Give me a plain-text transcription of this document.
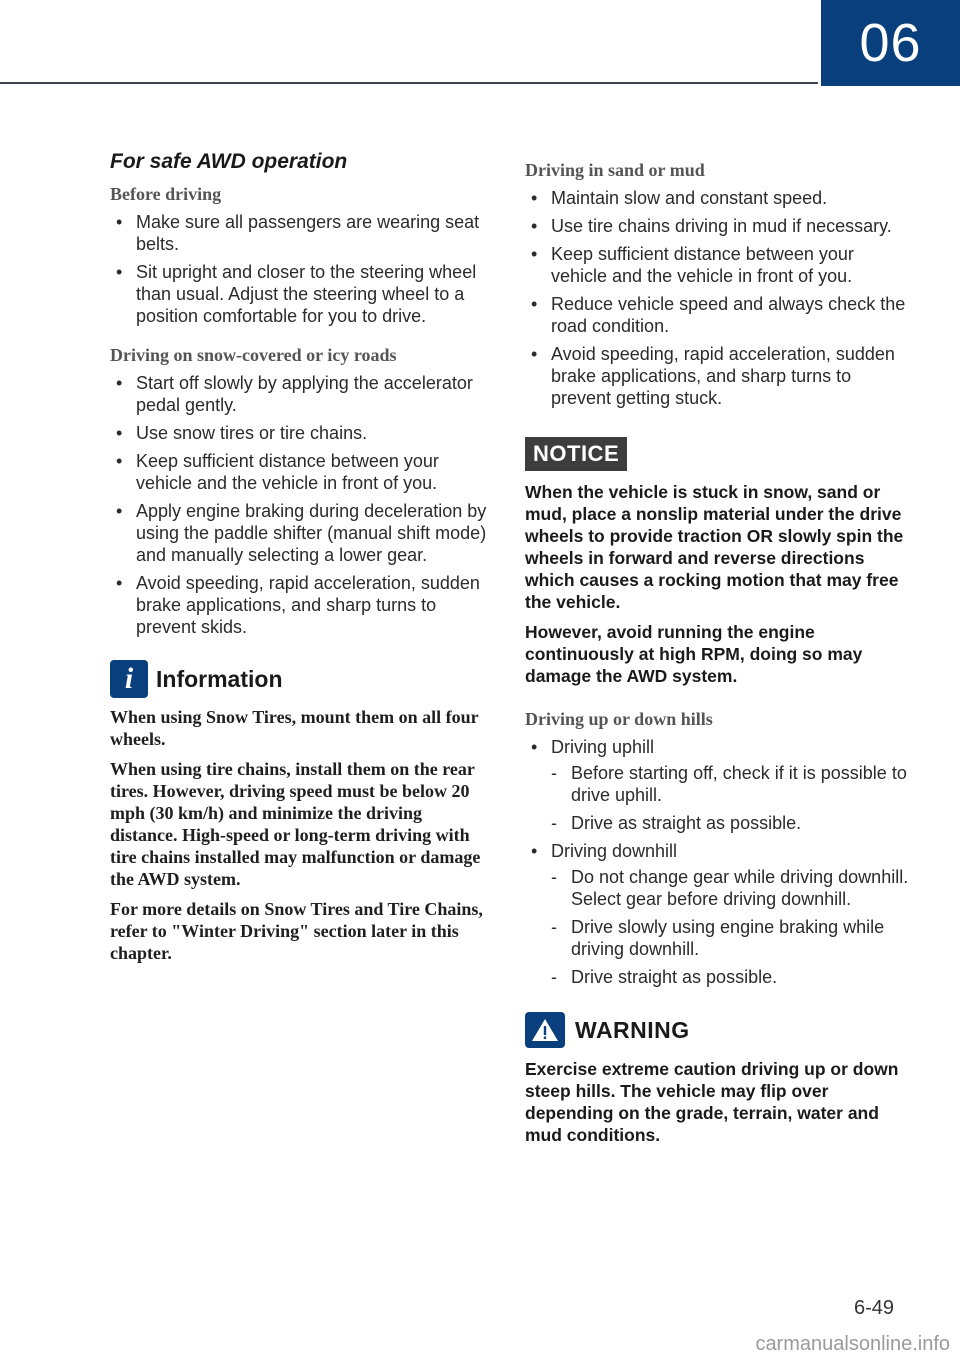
06
For safe AWD operation
Before driving
• Make sure all passengers are wearing seat belts.
• Sit upright and closer to the steering wheel than usual. Adjust the steering wheel to a position comfortable for you to drive.
Driving on snow-covered or icy roads
• Start off slowly by applying the accelerator pedal gently.
• Use snow tires or tire chains.
• Keep sufficient distance between your vehicle and the vehicle in front of you.
• Apply engine braking during deceleration by using the paddle shifter (manual shift mode) and manually selecting a lower gear.
• Avoid speeding, rapid acceleration, sudden brake applications, and sharp turns to prevent skids.
i Information

When using Snow Tires, mount them on all four wheels.

When using tire chains, install them on the rear tires. However, driving speed must be below 20 mph (30 km/h) and minimize the driving distance. High-speed or long-term driving with tire chains installed may malfunction or damage the AWD system.

For more details on Snow Tires and Tire Chains, refer to "Winter Driving" section later in this chapter.

Driving in sand or mud
• Maintain slow and constant speed.
• Use tire chains driving in mud if necessary.
• Keep sufficient distance between your vehicle and the vehicle in front of you.
• Reduce vehicle speed and always check the road condition.
• Avoid speeding, rapid acceleration, sudden brake applications, and sharp turns to prevent getting stuck.
NOTICE

When the vehicle is stuck in snow, sand or mud, place a nonslip material under the drive wheels to provide traction OR slowly spin the wheels in forward and reverse directions which causes a rocking motion that may free the vehicle.

However, avoid running the engine continuously at high RPM, doing so may damage the AWD system.

Driving up or down hills
• Driving uphill
- Before starting off, check if it is possible to drive uphill.
- Drive as straight as possible.
• Driving downhill
- Do not change gear while driving downhill. Select gear before driving downhill.
- Drive slowly using engine braking while driving downhill.
- Drive straight as possible.
WARNING

Exercise extreme caution driving up or down steep hills. The vehicle may flip over depending on the grade, terrain, water and mud conditions.

6-49
carmanualsonline.info
